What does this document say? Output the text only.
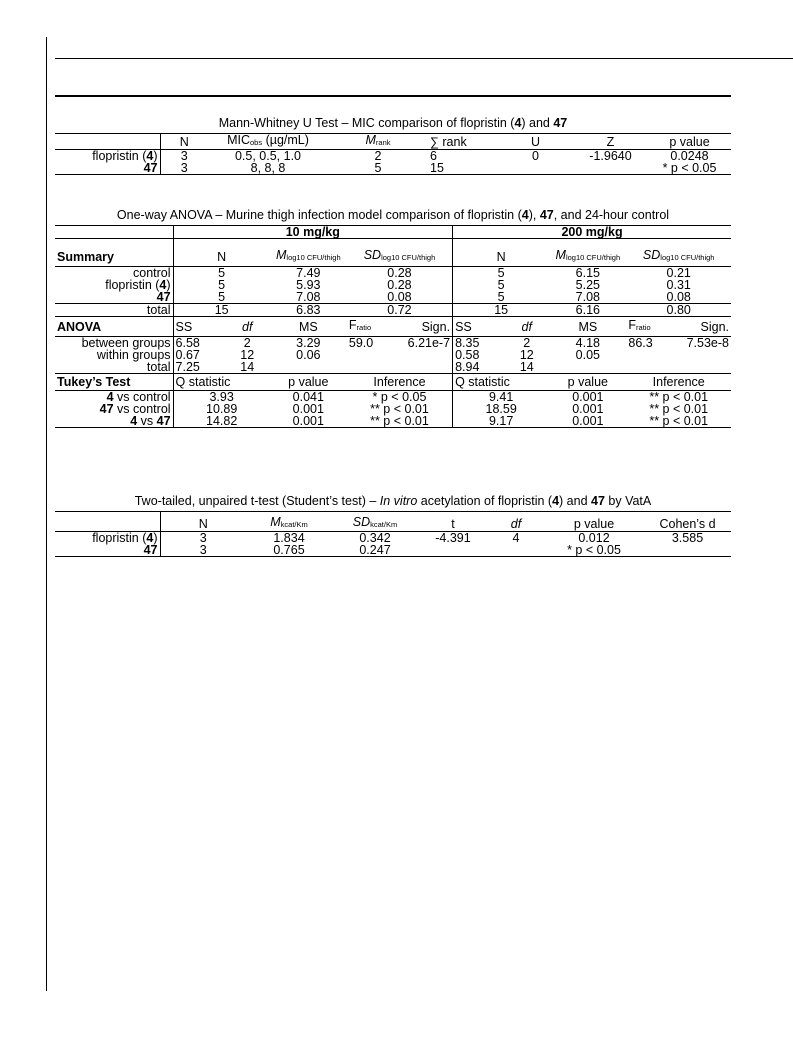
Mann-Whitney U Test – MIC comparison of flopristin (4) and 47							
	N	$MIC_{obs}$ (µg/mL)	$M_{rank}$	∑ rank	U	Z	p value
flopristin (4)	3	0.5, 0.5, 1.0	2	6	0	-1.9640	0.0248
47	3	8, 8, 8	5	15			* p < 0.05
One-way ANOVA – Murine thigh infection model comparison of flopristin (4), 47, and 24-hour control										
	10 mg/kg					200 mg/kg				
Summary	N		$M_{log10 CFU/thigh}$	$SD_{log10 CFU/thigh}$		N		$M_{log10 CFU/thigh}$	$SD_{log10 CFU/thigh}$
control	5		7.49	0.28		5		6.15	0.21	
flopristin (4)	5		5.93	0.28		5		5.25	0.31	
47	5		7.08	0.08		5		7.08	0.08	
total	15		6.83	0.72		15		6.16	0.80	
ANOVA	SS	df	MS	$F_{ratio}$	Sign.	SS	df	MS	$F_{ratio}$	Sign.
between groups	6.58	2	3.29	59.0	6.21e-7	8.35	2	4.18	86.3	7.53e-8
within groups	0.67	12	0.06			0.58	12	0.05		
total	7.25	14				8.94	14			
Tukey’s Test	Q statistic		p value	Inference		Q statistic		p value	Inference	
4 vs control	3.93		0.041	* p < 0.05		9.41		0.001	** p < 0.01	
47 vs control	10.89		0.001	** p < 0.01		18.59		0.001	** p < 0.01	
4 vs 47	14.82		0.001	** p < 0.01		9.17		0.001	** p < 0.01	
Two-tailed, unpaired t-test (Student’s test) – In vitro acetylation of flopristin (4) and 47 by VatA							
	N	$M_{kcat/Km}$	$SD_{kcat/Km}$	t	df	p value	Cohen’s d
flopristin (4)	3	1.834	0.342	-4.391	4	0.012	3.585
47	3	0.765	0.247			* p < 0.05	
